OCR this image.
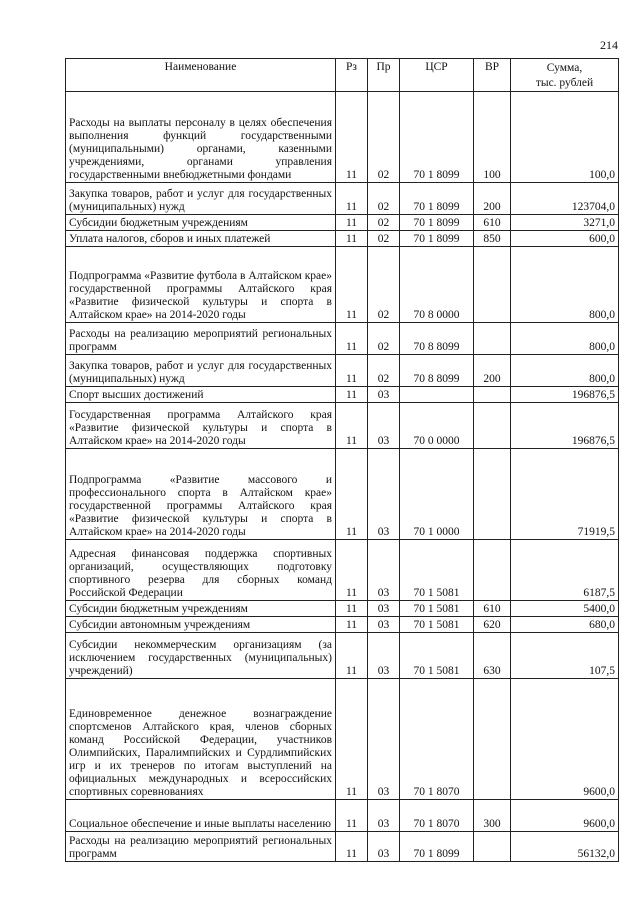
214
Наименование	Рз	Пр	ЦСР	ВР	Сумма,
тыс. рублей

Расходы на выплаты персоналу в целях обеспечения выполнения функций государственными (муниципальными) органами, казенными учреждениями, органами управления государственными внебюджетными фондами	11	02	70 1 8099	100	100,0
Закупка товаров, работ и услуг для государственных (муниципальных) нужд	11	02	70 1 8099	200	123704,0
Субсидии бюджетным учреждениям	11	02	70 1 8099	610	3271,0
Уплата налогов, сборов и иных платежей	11	02	70 1 8099	850	600,0
Подпрограмма «Развитие футбола в Алтайском крае» государственной программы Алтайского края «Развитие физической культуры и спорта в Алтайском крае» на 2014-2020 годы	11	02	70 8 0000		800,0
Расходы на реализацию мероприятий региональных программ	11	02	70 8 8099		800,0
Закупка товаров, работ и услуг для государственных (муниципальных) нужд	11	02	70 8 8099	200	800,0
Спорт высших достижений	11	03			196876,5
Государственная программа Алтайского края «Развитие физической культуры и спорта в Алтайском крае» на 2014-2020 годы	11	03	70 0 0000		196876,5
Подпрограмма «Развитие массового и профессионального спорта в Алтайском крае» государственной программы Алтайского края «Развитие физической культуры и спорта в Алтайском крае» на 2014-2020 годы	11	03	70 1 0000		71919,5
Адресная финансовая поддержка спортивных организаций, осуществляющих подготовку спортивного резерва для сборных команд Российской Федерации	11	03	70 1 5081		6187,5
Субсидии бюджетным учреждениям	11	03	70 1 5081	610	5400,0
Субсидии автономным учреждениям	11	03	70 1 5081	620	680,0
Субсидии некоммерческим организациям (за исключением государственных (муниципальных) учреждений)	11	03	70 1 5081	630	107,5
Единовременное денежное вознаграждение спортсменов Алтайского края, членов сборных команд Российской Федерации, участников Олимпийских, Паралимпийских и Сурдлимпийских игр и их тренеров по итогам выступлений на официальных международных и всероссийских спортивных соревнованиях	11	03	70 1 8070		9600,0
Социальное обеспечение и иные выплаты населению	11	03	70 1 8070	300	9600,0
Расходы на реализацию мероприятий региональных программ	11	03	70 1 8099		56132,0
